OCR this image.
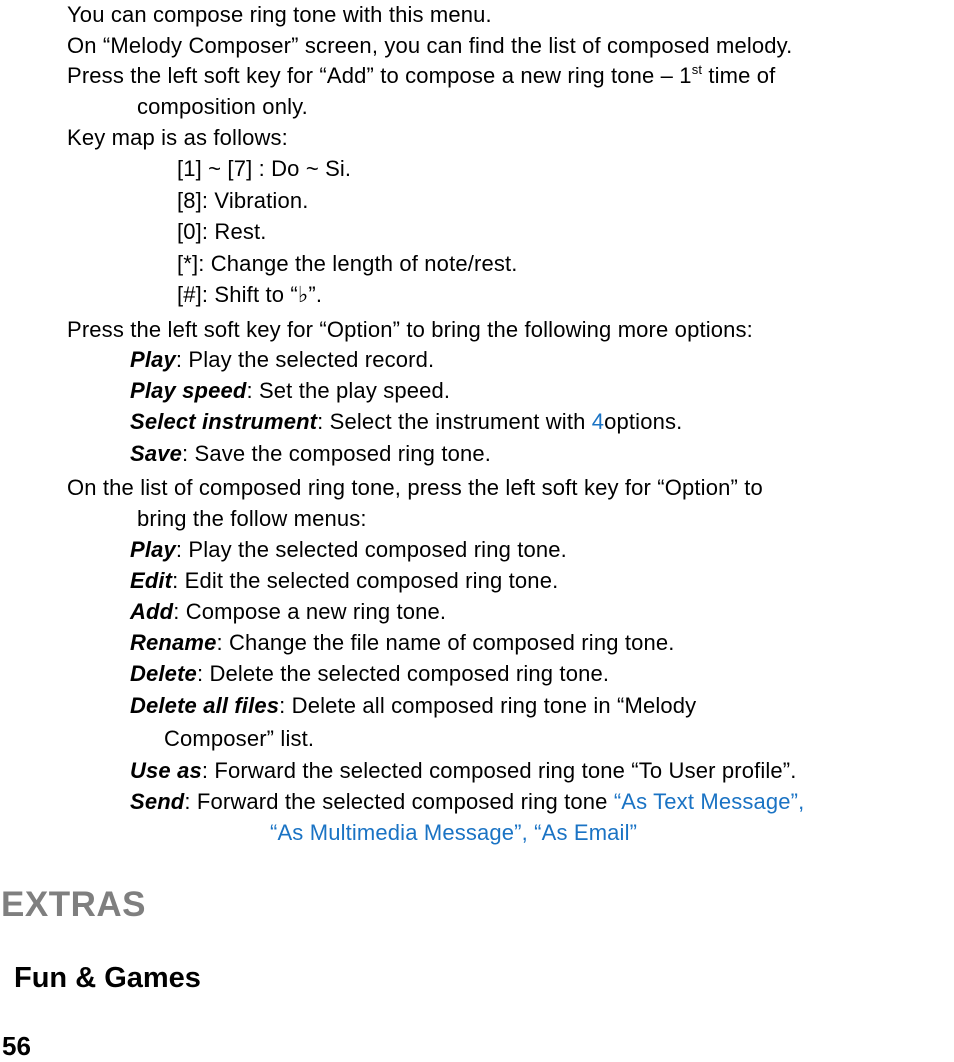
You can compose ring tone with this menu.
On “Melody Composer” screen, you can find the list of composed melody.
Press the left soft key for “Add” to compose a new ring tone – 1st time of
composition only.
Key map is as follows:
[1] ~ [7] : Do ~ Si.
[8]: Vibration.
[0]: Rest.
[*]: Change the length of note/rest.
[#]: Shift to “♭”.
Press the left soft key for “Option” to bring the following more options:
Play: Play the selected record.
Play speed: Set the play speed.
Select instrument: Select the instrument with 4options.
Save: Save the composed ring tone.
On the list of composed ring tone, press the left soft key for “Option” to
bring the follow menus:
Play: Play the selected composed ring tone.
Edit: Edit the selected composed ring tone.
Add: Compose a new ring tone.
Rename: Change the file name of composed ring tone.
Delete: Delete the selected composed ring tone.
Delete all files: Delete all composed ring tone in “Melody
Composer” list.
Use as: Forward the selected composed ring tone “To User profile”.
Send: Forward the selected composed ring tone “As Text Message”,
“As Multimedia Message”, “As Email”
EXTRAS
Fun & Games
56
